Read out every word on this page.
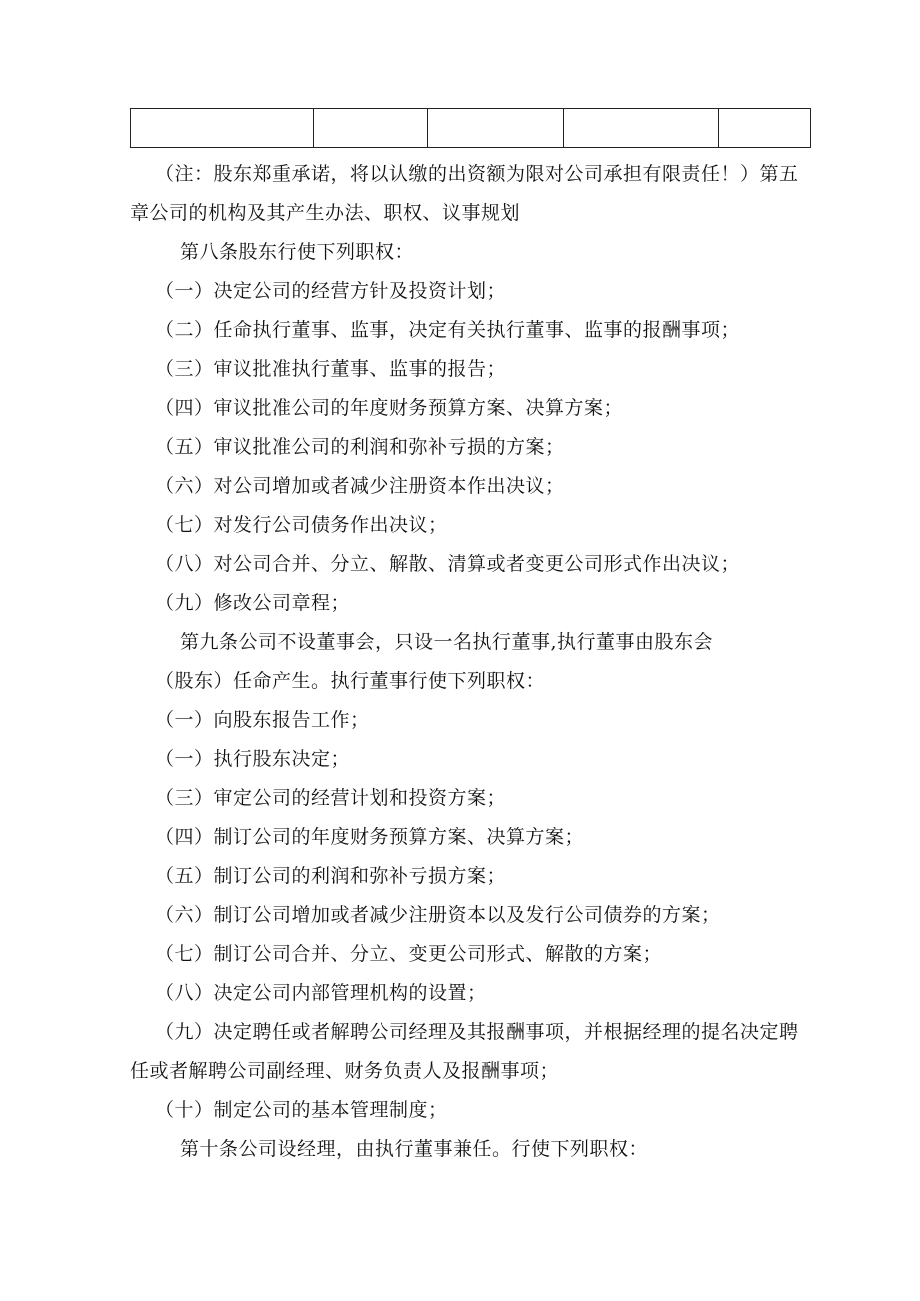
（注：股东郑重承诺，将以认缴的出资额为限对公司承担有限责任！）第五
章公司的机构及其产生办法、职权、议事规划
第八条股东行使下列职权：
（一）决定公司的经营方针及投资计划；
（二）任命执行董事、监事，决定有关执行董事、监事的报酬事项；
（三）审议批准执行董事、监事的报告；
（四）审议批准公司的年度财务预算方案、决算方案；
（五）审议批准公司的利润和弥补亏损的方案；
（六）对公司增加或者减少注册资本作出决议；
（七）对发行公司债务作出决议；
（八）对公司合并、分立、解散、清算或者变更公司形式作出决议；
（九）修改公司章程；
第九条公司不设董事会，只设一名执行董事,执行董事由股东会
（股东）任命产生。执行董事行使下列职权：
（一）向股东报告工作；
（一）执行股东决定；
（三）审定公司的经营计划和投资方案；
（四）制订公司的年度财务预算方案、决算方案；
（五）制订公司的利润和弥补亏损方案；
（六）制订公司增加或者减少注册资本以及发行公司债券的方案；
（七）制订公司合并、分立、变更公司形式、解散的方案；
（八）决定公司内部管理机构的设置；
（九）决定聘任或者解聘公司经理及其报酬事项，并根据经理的提名决定聘
任或者解聘公司副经理、财务负责人及报酬事项；
（十）制定公司的基本管理制度；
第十条公司设经理，由执行董事兼任。行使下列职权：
